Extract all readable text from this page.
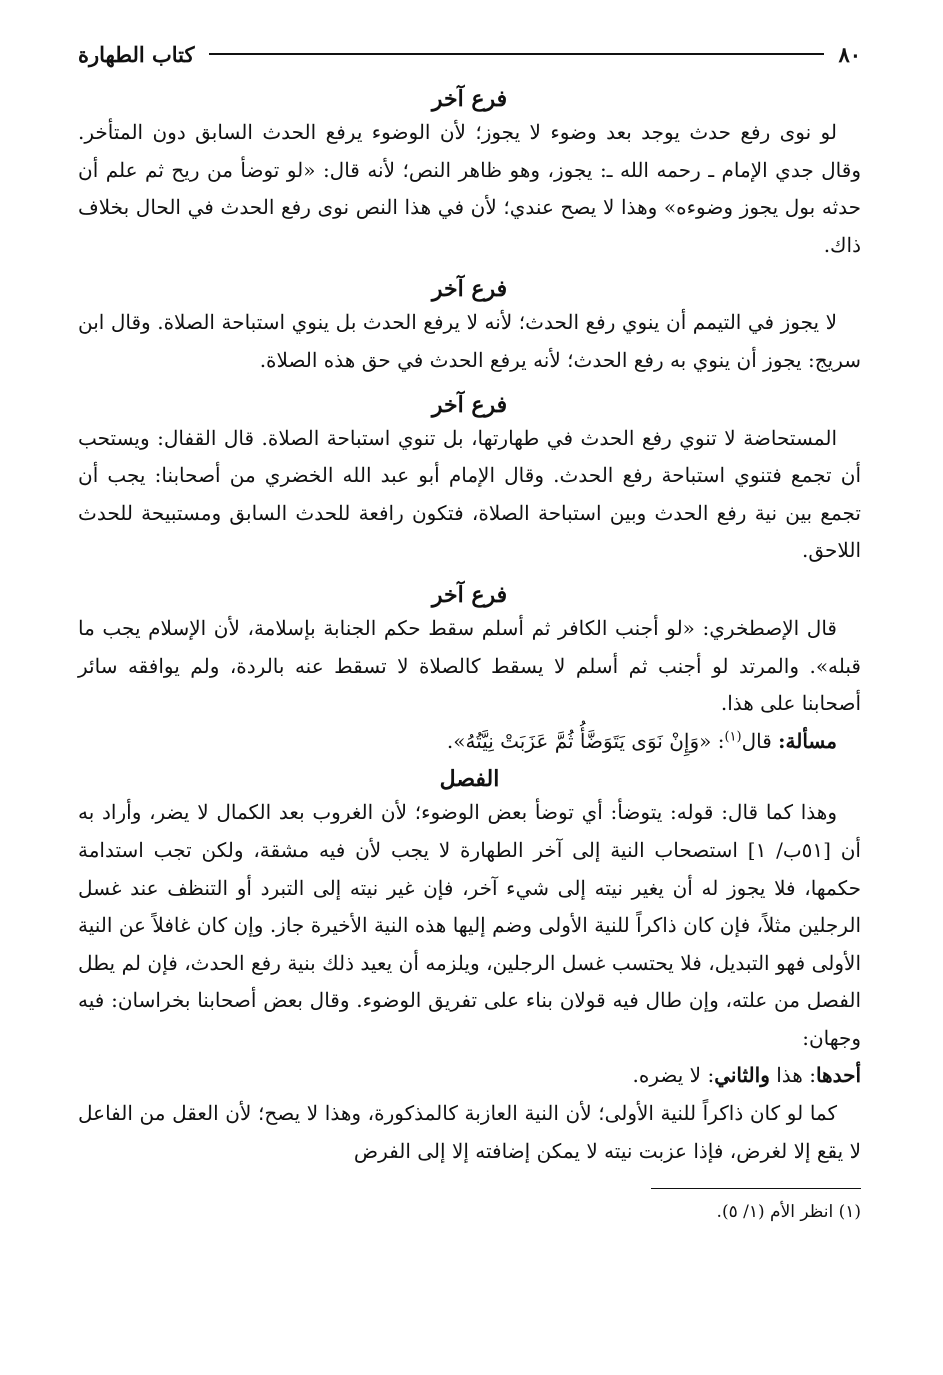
٨٠
كتاب الطهارة
فرع آخر

لو نوى رفع حدث يوجد بعد وضوء لا يجوز؛ لأن الوضوء يرفع الحدث السابق دون المتأخر. وقال جدي الإمام ـ رحمه الله ـ: يجوز، وهو ظاهر النص؛ لأنه قال: «لو توضأ من ريح ثم علم أن حدثه بول يجوز وضوءه» وهذا لا يصح عندي؛ لأن في هذا النص نوى رفع الحدث في الحال بخلاف ذاك.

فرع آخر

لا يجوز في التيمم أن ينوي رفع الحدث؛ لأنه لا يرفع الحدث بل ينوي استباحة الصلاة. وقال ابن سريج: يجوز أن ينوي به رفع الحدث؛ لأنه يرفع الحدث في حق هذه الصلاة.

فرع آخر

المستحاضة لا تنوي رفع الحدث في طهارتها، بل تنوي استباحة الصلاة. قال القفال: ويستحب أن تجمع فتنوي استباحة رفع الحدث. وقال الإمام أبو عبد الله الخضري من أصحابنا: يجب أن تجمع بين نية رفع الحدث وبين استباحة الصلاة، فتكون رافعة للحدث السابق ومستبيحة للحدث اللاحق.

فرع آخر

قال الإصطخري: «لو أجنب الكافر ثم أسلم سقط حكم الجنابة بإسلامة، لأن الإسلام يجب ما قبله». والمرتد لو أجنب ثم أسلم لا يسقط كالصلاة لا تسقط عنه بالردة، ولم يوافقه سائر أصحابنا على هذا.

مسألة: قال$^{(١)}$: «وَإِنْ نَوَى يَتَوَضَّأُ ثُمَّ عَزَبَتْ نِيَّتُهُ».

الفصل

وهذا كما قال: قوله: يتوضأ: أي توضأ بعض الوضوء؛ لأن الغروب بعد الكمال لا يضر، وأراد به أن [٥١ب/ ١] استصحاب النية إلى آخر الطهارة لا يجب لأن فيه مشقة، ولكن تجب استدامة حكمها، فلا يجوز له أن يغير نيته إلى شيء آخر، فإن غير نيته إلى التبرد أو التنظف عند غسل الرجلين مثلاً، فإن كان ذاكراً للنية الأولى وضم إليها هذه النية الأخيرة جاز. وإن كان غافلاً عن النية الأولى فهو التبديل، فلا يحتسب غسل الرجلين، ويلزمه أن يعيد ذلك بنية رفع الحدث، فإن لم يطل الفصل من علته، وإن طال فيه قولان بناء على تفريق الوضوء. وقال بعض أصحابنا بخراسان: فيه وجهان:

أحدها: هذا والثاني: لا يضره.

كما لو كان ذاكراً للنية الأولى؛ لأن النية العازبة كالمذكورة، وهذا لا يصح؛ لأن العقل من الفاعل لا يقع إلا لغرض، فإذا عزبت نيته لا يمكن إضافته إلا إلى الفرض

(١) انظر الأم (١/ ٥).
